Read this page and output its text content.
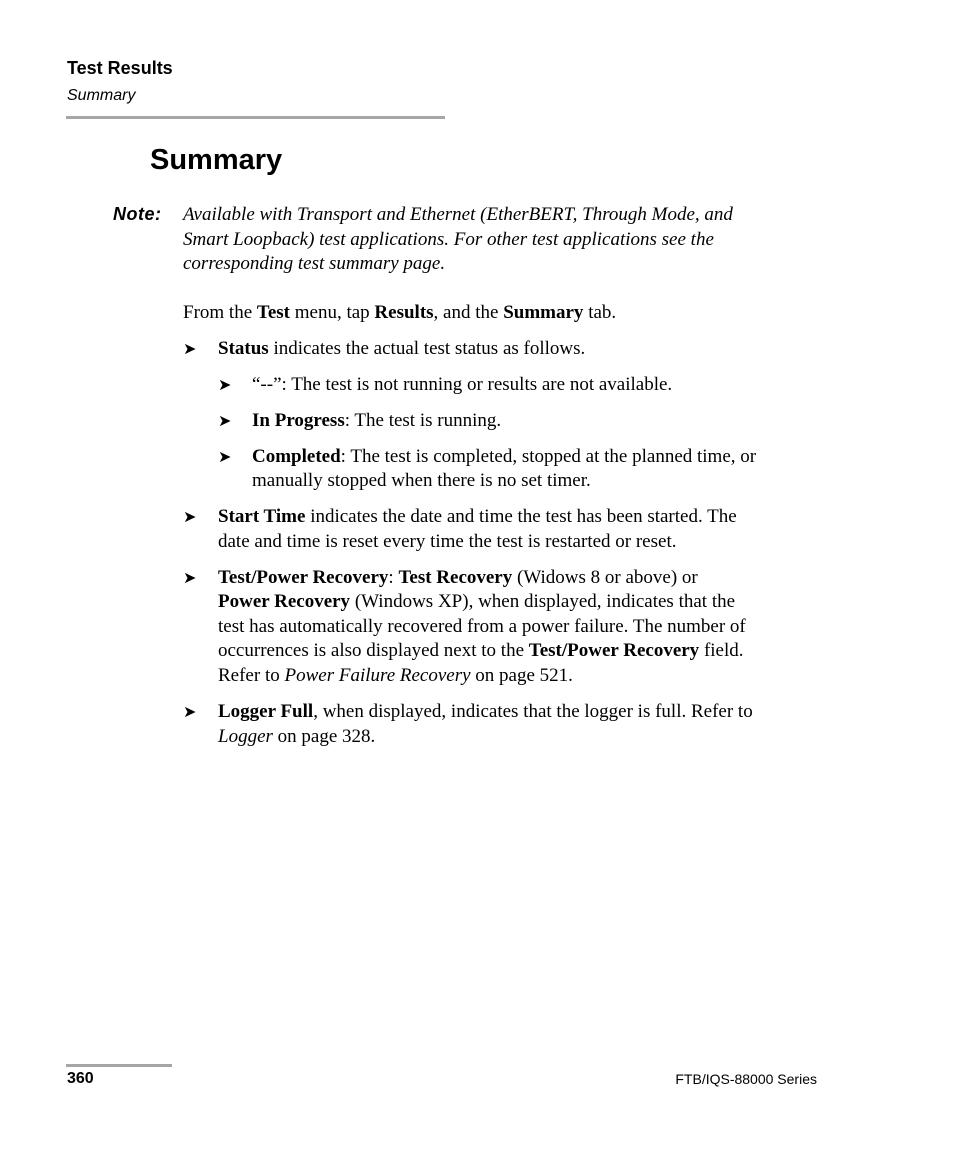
Test Results
Summary
Summary
Note: Available with Transport and Ethernet (EtherBERT, Through Mode, and
Smart Loopback) test applications. For other test applications see the
corresponding test summary page.
From the Test menu, tap Results, and the Summary tab.
➤ Status indicates the actual test status as follows.
➤ “--”: The test is not running or results are not available.
➤ In Progress: The test is running.
➤ Completed: The test is completed, stopped at the planned time, or
manually stopped when there is no set timer.
➤ Start Time indicates the date and time the test has been started. The
date and time is reset every time the test is restarted or reset.
➤ Test/Power Recovery: Test Recovery (Widows 8 or above) or
Power Recovery (Windows XP), when displayed, indicates that the
test has automatically recovered from a power failure. The number of
occurrences is also displayed next to the Test/Power Recovery field.
Refer to Power Failure Recovery on page 521.
➤ Logger Full, when displayed, indicates that the logger is full. Refer to
Logger on page 328.
360	FTB/IQS-88000 Series
